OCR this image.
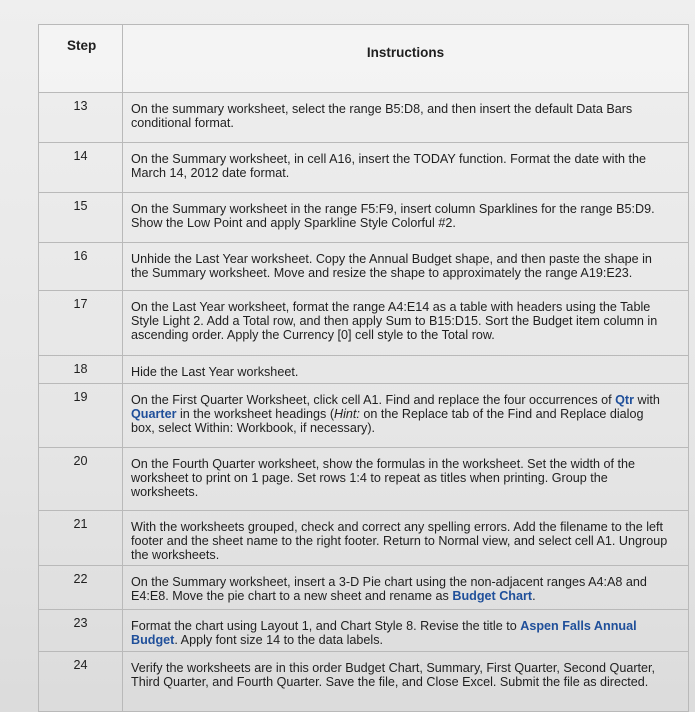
Step	Instructions
13	On the summary worksheet, select the range B5:D8, and then insert the default Data Bars conditional format.
14	On the Summary worksheet, in cell A16, insert the TODAY function. Format the date with the March 14, 2012 date format.
15	On the Summary worksheet in the range F5:F9, insert column Sparklines for the range B5:D9. Show the Low Point and apply Sparkline Style Colorful #2.
16	Unhide the Last Year worksheet. Copy the Annual Budget shape, and then paste the shape in the Summary worksheet. Move and resize the shape to approximately the range A19:E23.
17	On the Last Year worksheet, format the range A4:E14 as a table with headers using the Table Style Light 2. Add a Total row, and then apply Sum to B15:D15. Sort the Budget item column in ascending order. Apply the Currency [0] cell style to the Total row.
18	Hide the Last Year worksheet.
19	On the First Quarter Worksheet, click cell A1. Find and replace the four occurrences of Qtr with Quarter in the worksheet headings (Hint: on the Replace tab of the Find and Replace dialog box, select Within: Workbook, if necessary).
20	On the Fourth Quarter worksheet, show the formulas in the worksheet. Set the width of the worksheet to print on 1 page. Set rows 1:4 to repeat as titles when printing. Group the worksheets.
21	With the worksheets grouped, check and correct any spelling errors. Add the filename to the left footer and the sheet name to the right footer. Return to Normal view, and select cell A1. Ungroup the worksheets.
22	On the Summary worksheet, insert a 3-D Pie chart using the non-adjacent ranges A4:A8 and E4:E8. Move the pie chart to a new sheet and rename as Budget Chart.
23	Format the chart using Layout 1, and Chart Style 8. Revise the title to Aspen Falls Annual Budget. Apply font size 14 to the data labels.
24	Verify the worksheets are in this order Budget Chart, Summary, First Quarter, Second Quarter, Third Quarter, and Fourth Quarter. Save the file, and Close Excel. Submit the file as directed.
